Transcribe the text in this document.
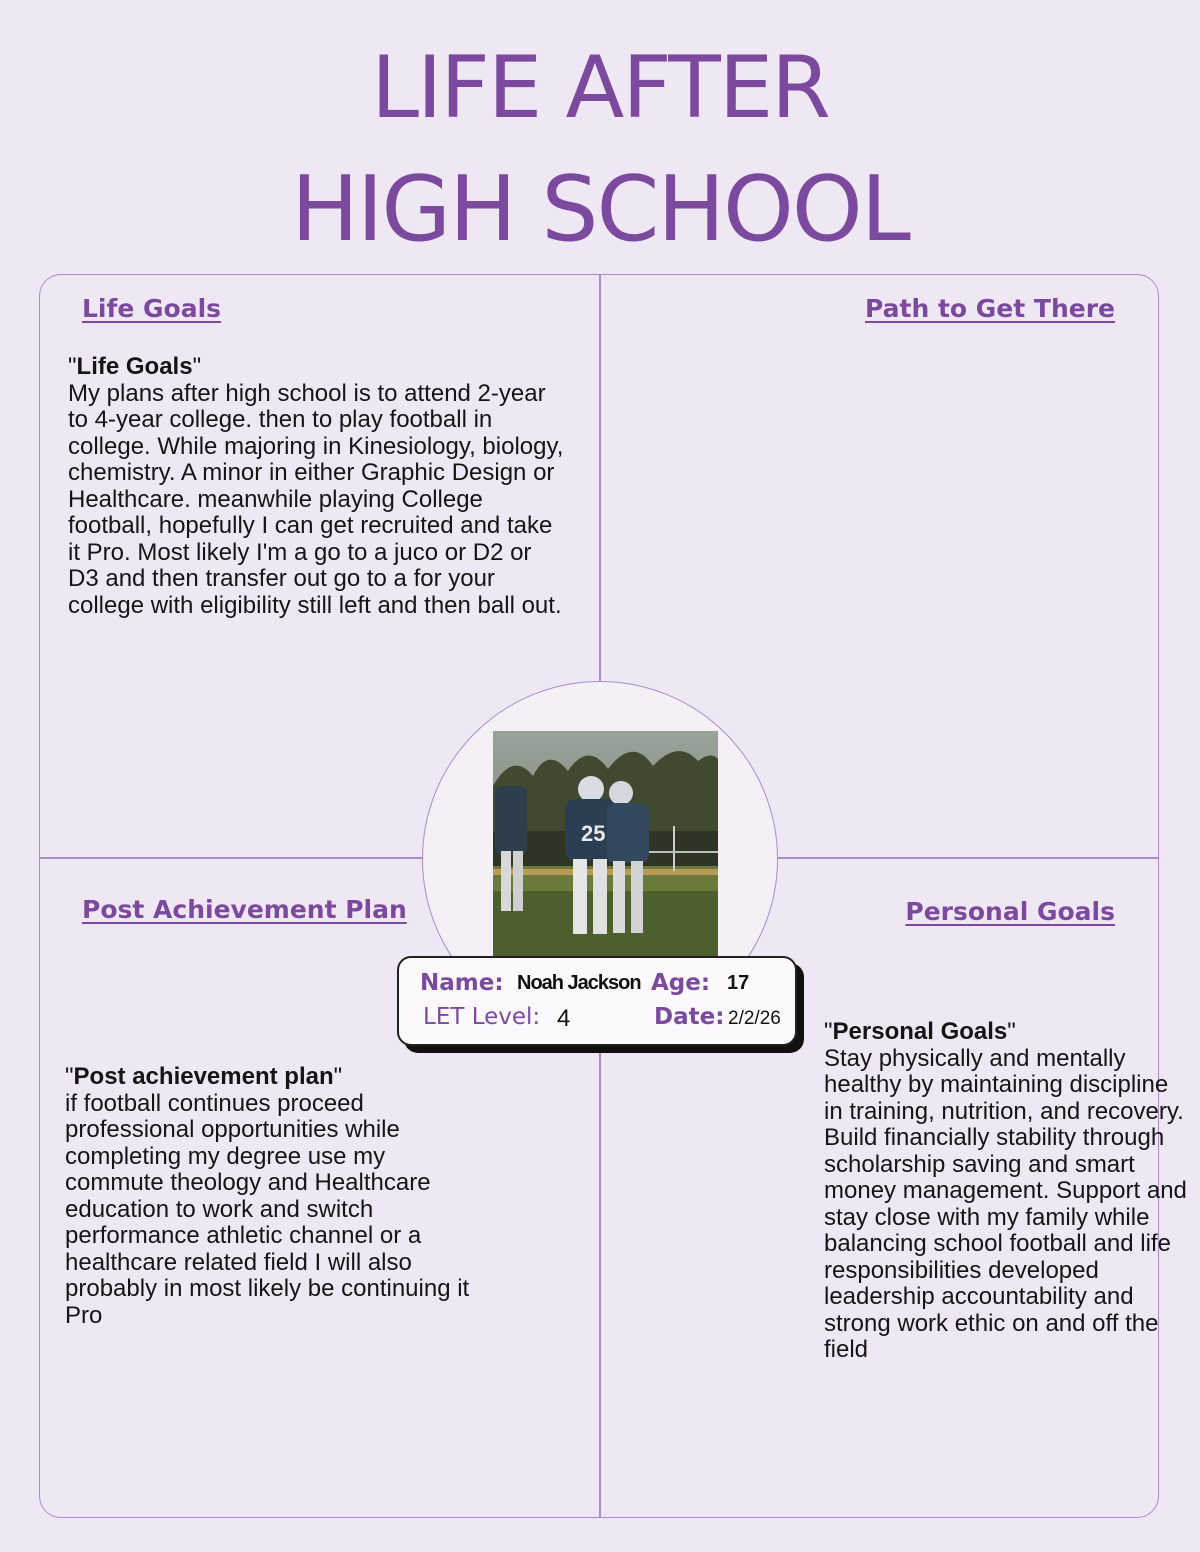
LIFE AFTER
HIGH SCHOOL
Life Goals	Path to Get There
Post Achievement Plan	Personal Goals

"Life Goals"

My plans after high school is to attend 2-year to 4-year college. then to play football in college. While majoring in Kinesiology, biology, chemistry. A minor in either Graphic Design or Healthcare. meanwhile playing College football, hopefully I can get recruited and take it Pro. Most likely I'm a go to a juco or D2 or D3 and then transfer out go to a for your college with eligibility still left and then ball out.

"Post achievement plan"

if football continues proceed professional opportunities while completing my degree use my commute theology and Healthcare education to work and switch performance athletic channel or a healthcare related field I will also probably in most likely be continuing it Pro

"Personal Goals"

Stay physically and mentally healthy by maintaining discipline in training, nutrition, and recovery. Build financially stability through scholarship saving and smart money management. Support and stay close with my family while balancing school football and life responsibilities developed leadership accountability and strong work ethic on and off the field

25
Name: Noah Jackson Age: 17
LET Level: 4	Date: 2/2/26
